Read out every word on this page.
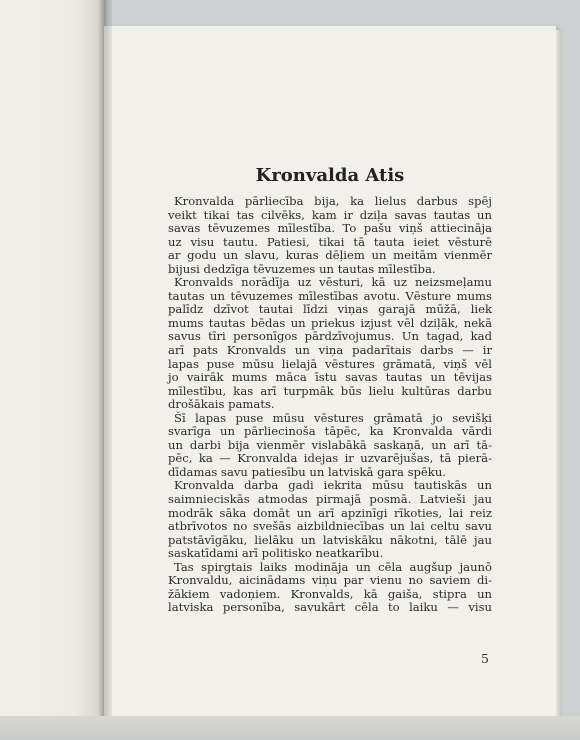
Kronvalda Atis
Kronvalda pārliecība bija, ka lielus darbus spēj
veikt tikai tas cilvēks, kam ir dziļa savas tautas un
savas tēvuzemes mīlestība. To pašu viņš attiecināja
uz visu tautu. Patiesi, tikai tā tauta ieiet vēsturē
ar godu un slavu, kuras dēļiem un meitām vienmēr
bijusi dedzīga tēvuzemes un tautas mīlestība.
Kronvalds norādīja uz vēsturi, kā uz neizsmeļamu
tautas un tēvuzemes mīlestības avotu. Vēsture mums
palīdz dzīvot tautai līdzi viņas garajā mūžā, liek
mums tautas bēdas un priekus izjust vēl dziļāk, nekā
savus tīri personīgos pārdzīvojumus. Un tagad, kad
arī pats Kronvalds un viņa padarītais darbs — ir
lapas puse mūsu lielajā vēstures grāmatā, viņš vēl
jo vairāk mums māca īstu savas tautas un tēvijas
mīlestību, kas arī turpmāk būs lielu kultūras darbu
drošākais pamats.
Šī lapas puse mūsu vēstures grāmatā jo sevišķi
svarīga un pārliecinoša tāpēc, ka Kronvalda vārdi
un darbi bija vienmēr vislabākā saskaņā, un arī tā-
pēc, ka — Kronvalda idejas ir uzvarējušas, tā pierā-
dīdamas savu patiesību un latviskā gara spēku.
Kronvalda darba gadi iekrita mūsu tautiskās un
saimnieciskās atmodas pirmajā posmā. Latvieši jau
modrāk sāka domāt un arī apzinīgi rīkoties, lai reiz
atbrīvotos no svešās aizbildniecības un lai celtu savu
patstāvīgāku, lielāku un latviskāku nākotni, tālē jau
saskatīdami arī politisko neatkarību.
Tas spirgtais laiks modināja un cēla augšup jaunō
Kronvaldu, aicinādams viņu par vienu no saviem di-
žākiem vadoņiem. Kronvalds, kā gaiša, stipra un
latviska personība, savukārt cēla to laiku — visu
5
